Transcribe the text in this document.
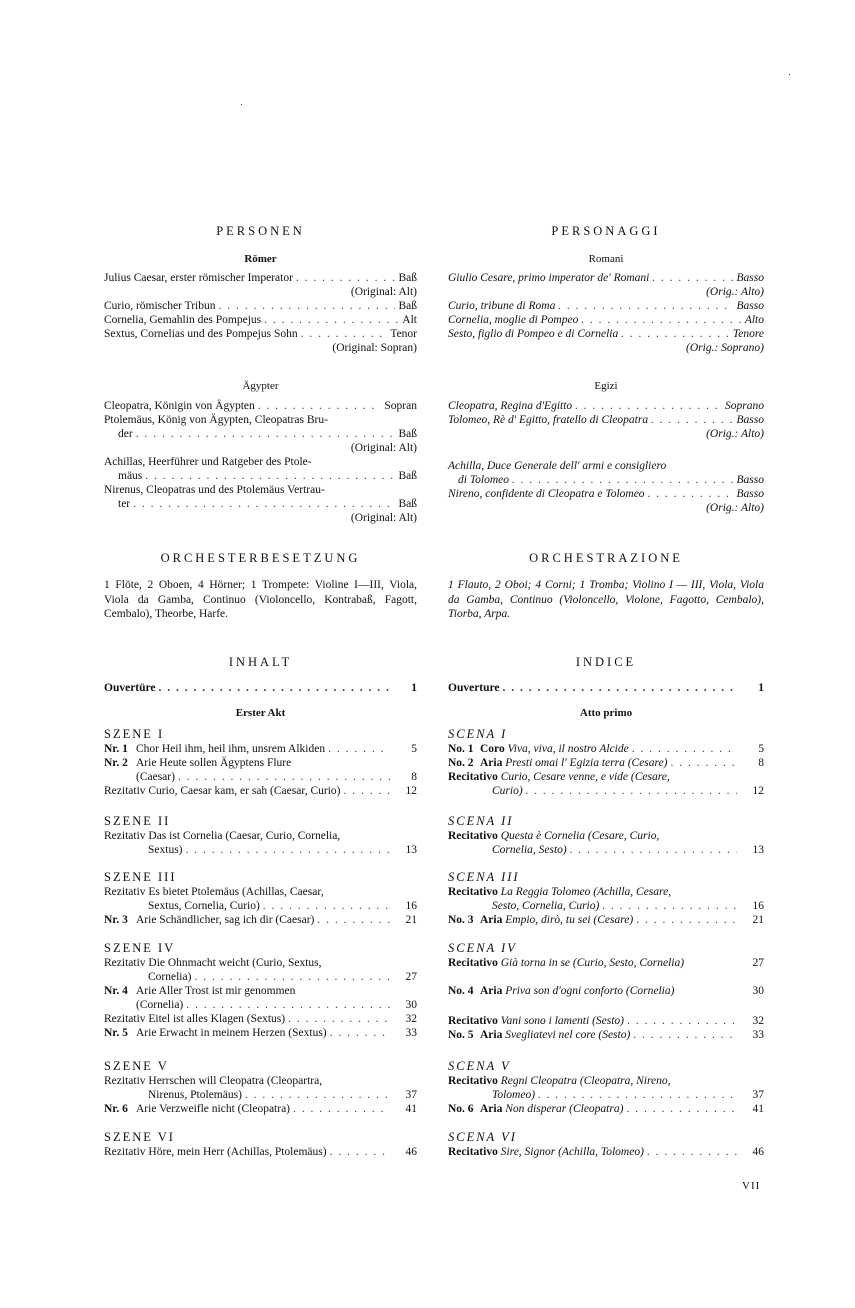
PERSONEN
Römer
Julius Caesar, erster römischer Imperator . . .	Baß
(Original: Alt)
Curio, römischer Tribun . . .	Baß
Cornelia, Gemahlin des Pompejus . . .	Alt
Sextus, Cornelias und des Pompejus Sohn . . .	Tenor
(Original: Sopran)
Ägypter
Cleopatra, Königin von Ägypten . . .	Sopran
Ptolemäus, König von Ägypten, Cleopatras Bru-
der . . .	Baß
(Original: Alt)
Achillas, Heerführer und Ratgeber des Ptole-
mäus . . .	Baß
Nirenus, Cleopatras und des Ptolemäus Vertrau-
ter . . .	Baß
(Original: Alt)
ORCHESTERBESETZUNG
1 Flöte, 2 Oboen, 4 Hörner; 1 Trompete: Violine I—III, Viola, Viola da Gamba, Continuo (Violoncello, Kontrabaß, Fagott, Cembalo), Theorbe, Harfe.
INHALT
Ouvertüre . . .	1
Erster Akt
SZENE I
Nr. 1 Chor Heil ihm, heil ihm, unsrem Alkiden . . .	5
Nr. 2 Arie Heute sollen Ägyptens Flure
(Caesar) . . .	8
Rezitativ Curio, Caesar kam, er sah (Caesar, Curio) . . .	12
SZENE II
Rezitativ Das ist Cornelia (Caesar, Curio, Cornelia,
Sextus) . . .	13
SZENE III
Rezitativ Es bietet Ptolemäus (Achillas, Caesar,
Sextus, Cornelia, Curio) . . .	16
Nr. 3 Arie Schändlicher, sag ich dir (Caesar) . . .	21
SZENE IV
Rezitativ Die Ohnmacht weicht (Curio, Sextus,
Cornelia) . . .	27
Nr. 4 Arie Aller Trost ist mir genommen
(Cornelia) . . .	30
Rezitativ Eitel ist alles Klagen (Sextus) . . .	32
Nr. 5 Arie Erwacht in meinem Herzen (Sextus) . . .	33
SZENE V
Rezitativ Herrschen will Cleopatra (Cleopartra,
Nirenus, Ptolemäus) . . .	37
Nr. 6 Arie Verzweifle nicht (Cleopatra) . . .	41
SZENE VI
Rezitativ Höre, mein Herr (Achillas, Ptolemäus) . . .	46
PERSONAGGI
Romani
Giulio Cesare, primo imperator de' Romani . . .	Basso
(Orig.: Alto)
Curio, tribune di Roma . . .	Basso
Cornelia, moglie di Pompeo . . .	Alto
Sesto, figlio di Pompeo e di Cornelia . . .	Tenore
(Orig.: Soprano)
Egizi
Cleopatra, Regina d'Egitto . . .	Soprano
Tolomeo, Rè d' Egitto, fratello di Cleopatra . . .	Basso
(Orig.: Alto)
Achilla, Duce Generale dell' armi e consigliero
di Tolomeo . . .	Basso
Nireno, confidente di Cleopatra e Tolomeo . . .	Basso
(Orig.: Alto)
ORCHESTRAZIONE
1 Flauto, 2 Oboi; 4 Corni; 1 Tromba; Violino I — III, Viola, Viola da Gamba, Continuo (Violoncello, Violone, Fagotto, Cembalo), Tiorba, Arpa.
INDICE
Ouverture . . .	1
Atto primo
SCENA I
No. 1 Coro Viva, viva, il nostro Alcide . . .	5
No. 2 Aria Presti omai l' Egizia terra (Cesare) . . .	8
Recitativo Curio, Cesare venne, e vide (Cesare,
Curio) . . .	12
SCENA II
Recitativo Questa è Cornelia (Cesare, Curio,
Cornelia, Sesto) . . .	13
SCENA III
Recitativo La Reggia Tolomeo (Achilla, Cesare,
Sesto, Cornelia, Curio) . . .	16
No. 3 Aria Empio, dirò, tu sei (Cesare) . . .	21
SCENA IV
Recitativo Già torna in se (Curio, Sesto, Cornelia)	27
No. 4 Aria Priva son d'ogni conforto (Cornelia)	30
Recitativo Vani sono i lamenti (Sesto) . . .	32
No. 5 Aria Svegliatevi nel core (Sesto) . . .	33
SCENA V
Recitativo Regni Cleopatra (Cleopatra, Nireno,
Tolomeo) . . .	37
No. 6 Aria Non disperar (Cleopatra) . . .	41
SCENA VI
Recitativo Sire, Signor (Achilla, Tolomeo) . . .	46
VII
